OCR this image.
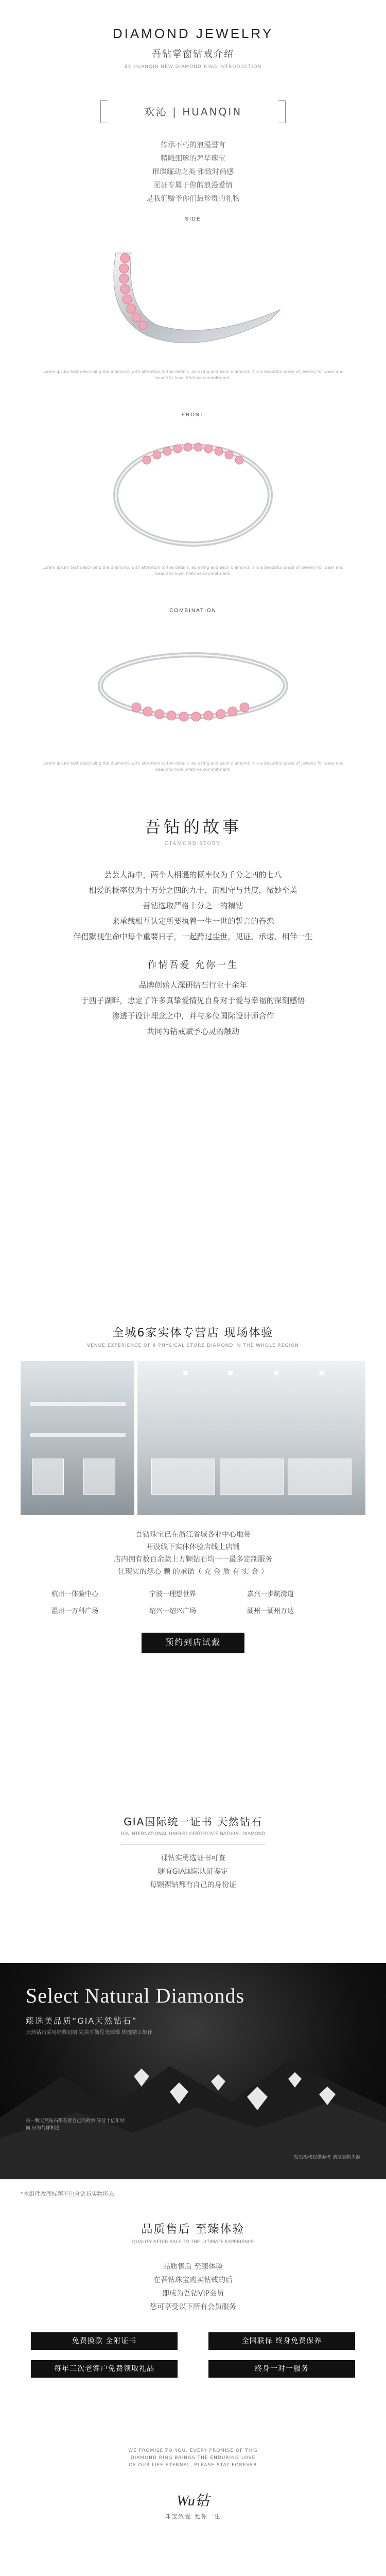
DIAMOND JEWELRY
吾钻掌窗钻戒介绍
BY HUANQIN NEW DIAMOND RING INTRODUCTION
欢沁 | HUANQIN

传承不朽的浪漫誓言

精雕细琢的奢华瑰宝

璀璨耀动之美 雅致时尚感

见证专属于你的浪漫爱情

是我们赠予你们最珍贵的礼物

SIDE
Lorem ipsum text describing the diamond, with attention to the details, as a ring and each diamond. It is a beautiful piece of jewelry for wear and beautiful love, lifetime commitment.
FRONT
Lorem ipsum text describing the diamond, with attention to the details, as a ring and each diamond. It is a beautiful piece of jewelry for wear and beautiful love, lifetime commitment.
COMBINATION
Lorem ipsum text describing the diamond, with attention to the details, as a ring and each diamond. It is a beautiful piece of jewelry for wear and beautiful love, lifetime commitment.
吾钻的故事
DIAMOND STORY

芸芸人海中，两个人相遇的概率仅为千分之四的七八

相爱的概率仅为十万分之四的九十，而相守与共度，微妙至美

吾钻选取严格十分之一的精钻

来承载相互认定所要执着一生一世的誓言的眷恋

伴侣默视生命中每个重要日子，一起跨过尘世，见证、承诺、相伴一生

作情吾爱 允你一生

品牌创始人深研钻石行业十余年

于西子湖畔，忠定了许多真挚爱情见自身对于爱与幸福的深刻感悟

渗透于设计理念之中，并与多位国际设计师合作

共同为钻戒赋予心灵的触动

全城6家实体专营店 现场体验
VENUE EXPERIENCE OF 6 PHYSICAL STORE DIAMOND IN THE WHOLE REGION

吾钻珠宝已在浙江省城各业中心地带

开设线下实体体验店线上店铺

店内拥有数百余款上万颗钻石均一一最多定制服务

让现实的您心 颗 的承诺（ 充 金 质 有 实 合 ）

杭州一体验中心	宁波一理想世界	嘉兴一步航湾道
温州一万科广场	绍兴一绍兴广场	湖州一湖州万达
预约到店试戴
GIA国际统一证书 天然钻石
GIA INTERNATIONAL UNIFIED CERTIFICATE NATURAL DIAMOND

裸钻实勇选证书可查

随有GIA国际认证鉴定

每颗裸钻都有自己的身份证

Select Natural Diamonds
臻选美品质“GIA天然钻石”
天然钻石采用经典切割 完美平衡星光璀璨 体现精工细作
每一颗天然钻石都有着自己的故事 等待十亿年时间 只为与你相遇
钻石形状仅供参考 请以实物为准
*本组件改图标题不包含钻石实物形态
品质售后 至臻体验
QUALITY AFTER SALE TO THE ULTIMATE EXPERIENCE

品质售后 至臻体验

在吾钻珠宝购买钻戒的后

即成为吾钻VIP会员

您可享受以下所有会员服务

免费换款 全附证书	全国联保 终身免费保养
每年三次老客户免费领取礼品	终身一对一服务

WE PROMISE TO YOU, EVERY PROMISE OF THIS

DIAMOND RING BRINGS THE ENDURING LOVE

OF OUR LIFE ETERNAL, PLEASE STAY FOREVER

Wu钻
珠宝致爱 允你一生
